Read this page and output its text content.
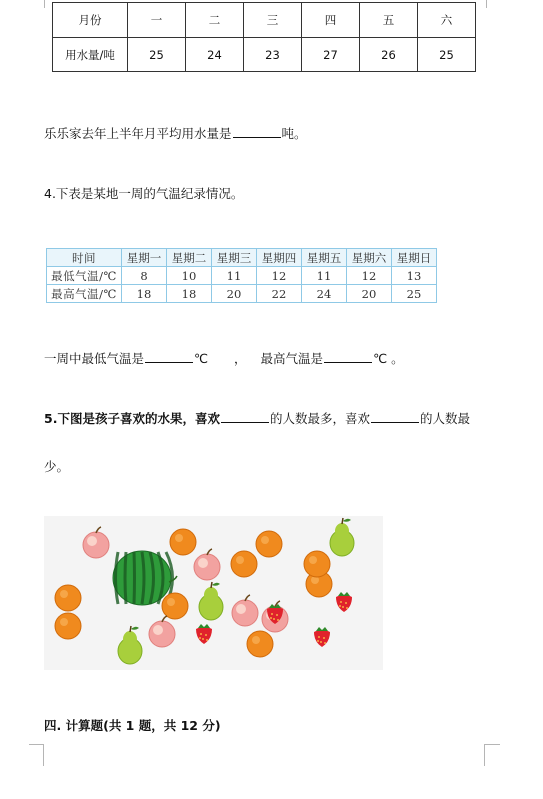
月份	一	二	三	四	五	六
用水量/吨	25	24	23	27	26	25
乐乐家去年上半年月平均用水量是	吨。
4.下表是某地一周的气温纪录情况。
时间	星期一	星期二	星期三	星期四	星期五	星期六	星期日
最低气温/℃	8	10	11	12	11	12	13
最高气温/℃	18	18	20	22	24	20	25
一周中最低气温是	℃ ， 最高气温是	℃ 。
5.下图是孩子喜欢的水果，喜欢	的人数最多，喜欢	的人数最
少。
四. 计算题(共 1 题，共 12 分)
